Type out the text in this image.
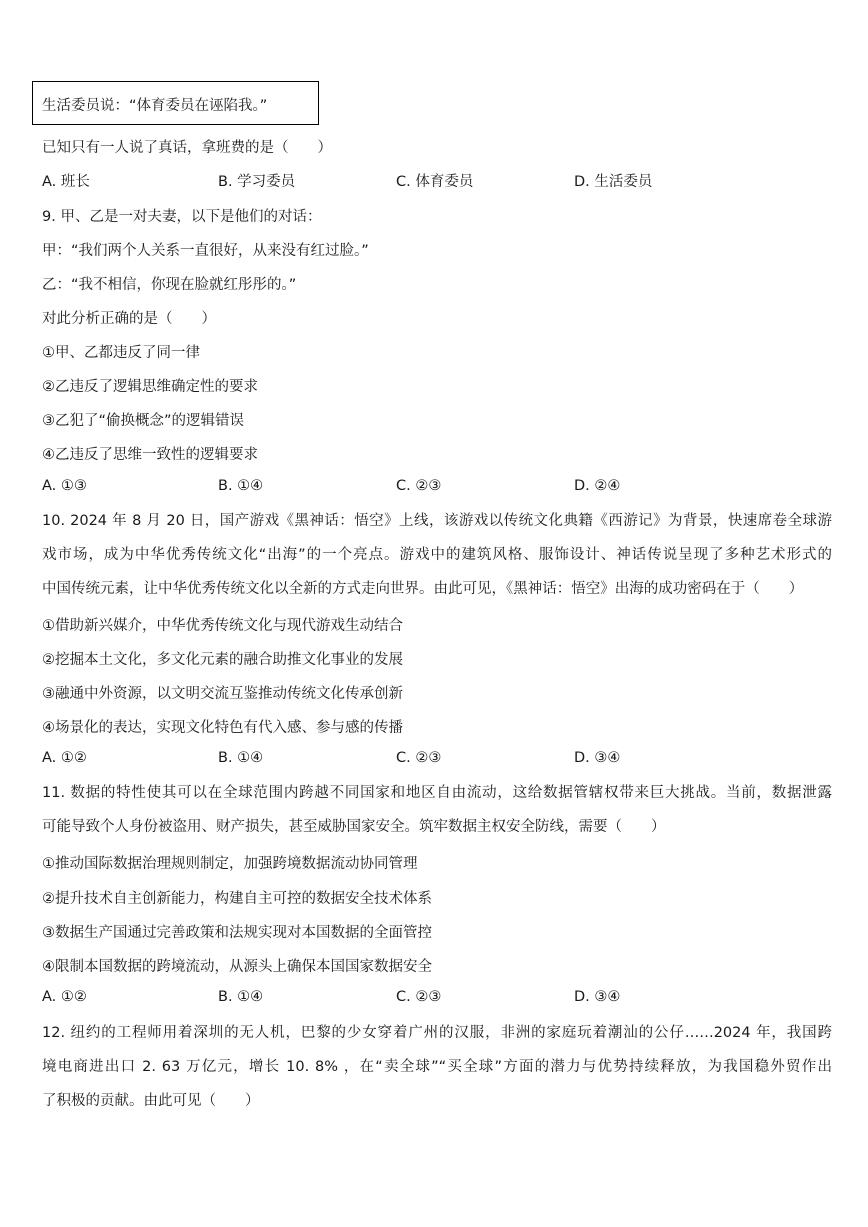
生活委员说：“体育委员在诬陷我。”
已知只有一人说了真话，拿班费的是（　　）
A. 班长	B. 学习委员	C. 体育委员	D. 生活委员
9. 甲、乙是一对夫妻，以下是他们的对话：
甲：“我们两个人关系一直很好，从来没有红过脸。”
乙：“我不相信，你现在脸就红彤彤的。”
对此分析正确的是（　　）
①甲、乙都违反了同一律
②乙违反了逻辑思维确定性的要求
③乙犯了“偷换概念”的逻辑错误
④乙违反了思维一致性的逻辑要求
A. ①③	B. ①④	C. ②③	D. ②④
10. 2024 年 8 月 20 日，国产游戏《黑神话：悟空》上线，该游戏以传统文化典籍《西游记》为背景，快速席卷全球游
戏市场，成为中华优秀传统文化“出海”的一个亮点。游戏中的建筑风格、服饰设计、神话传说呈现了多种艺术形式的
中国传统元素，让中华优秀传统文化以全新的方式走向世界。由此可见，《黑神话：悟空》出海的成功密码在于（　　）
①借助新兴媒介，中华优秀传统文化与现代游戏生动结合
②挖掘本土文化，多文化元素的融合助推文化事业的发展
③融通中外资源，以文明交流互鉴推动传统文化传承创新
④场景化的表达，实现文化特色有代入感、参与感的传播
A. ①②	B. ①④	C. ②③	D. ③④
11. 数据的特性使其可以在全球范围内跨越不同国家和地区自由流动，这给数据管辖权带来巨大挑战。当前，数据泄露
可能导致个人身份被盗用、财产损失，甚至威胁国家安全。筑牢数据主权安全防线，需要（　　）
①推动国际数据治理规则制定，加强跨境数据流动协同管理
②提升技术自主创新能力，构建自主可控的数据安全技术体系
③数据生产国通过完善政策和法规实现对本国数据的全面管控
④限制本国数据的跨境流动，从源头上确保本国国家数据安全
A. ①②	B. ①④	C. ②③	D. ③④
12. 纽约的工程师用着深圳的无人机，巴黎的少女穿着广州的汉服，非洲的家庭玩着潮汕的公仔……2024 年，我国跨
境电商进出口 2. 63 万亿元，增长 10. 8% ，在“卖全球”“买全球”方面的潜力与优势持续释放，为我国稳外贸作出
了积极的贡献。由此可见（　　）
